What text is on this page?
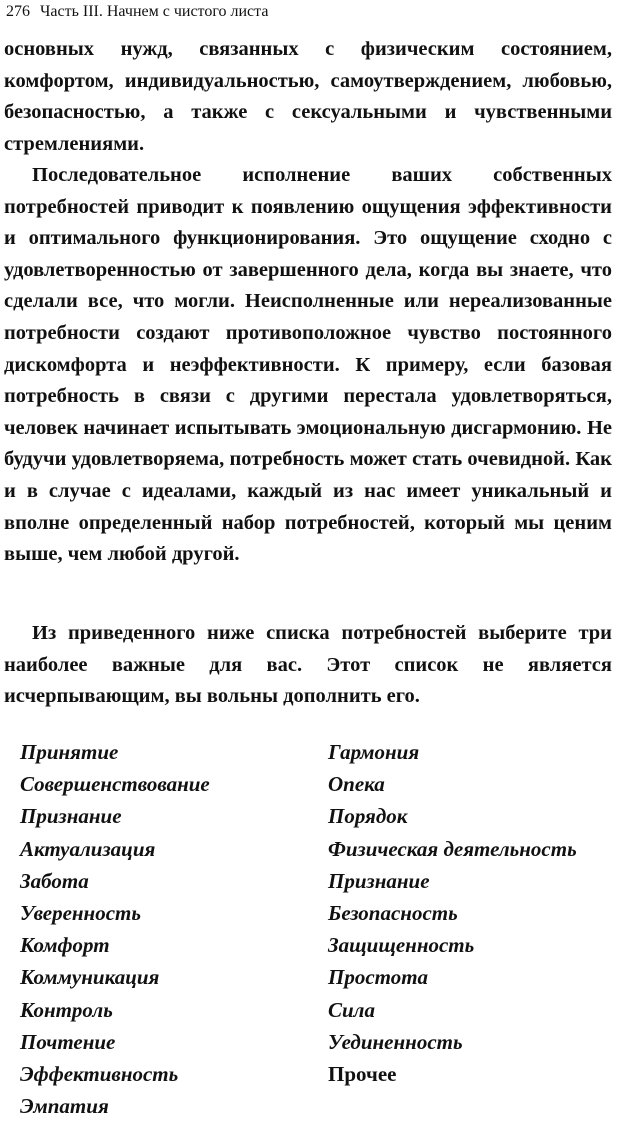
276 Часть III. Начнем с чистого листа

основных нужд, связанных с физическим состоянием, комфортом, индивидуальностью, самоутверждением, любовью, безопасностью, а также с сексуальными и чувственными стремлениями.

Последовательное исполнение ваших собственных потребностей приводит к появлению ощущения эффективности и оптимального функционирования. Это ощущение сходно с удовлетворенностью от завершенного дела, когда вы знаете, что сделали все, что могли. Неисполненные или нереализованные потребности создают противоположное чувство постоянного дискомфорта и неэффективности. К примеру, если базовая потребность в связи с другими перестала удовлетворяться, человек начинает испытывать эмоциональную дисгармонию. Не будучи удовлетворяема, потребность может стать очевидной. Как и в случае с идеалами, каждый из нас имеет уникальный и вполне определенный набор потребностей, который мы ценим выше, чем любой другой.

Из приведенного ниже списка потребностей выберите три наиболее важные для вас. Этот список не является исчерпывающим, вы вольны дополнить его.

Принятие
Совершенствование
Признание
Актуализация
Забота
Уверенность
Комфорт
Коммуникация
Контроль
Почтение
Эффективность
Эмпатия
Гармония
Опека
Порядок
Физическая деятельность
Признание
Безопасность
Защищенность
Простота
Сила
Уединенность
Прочее
